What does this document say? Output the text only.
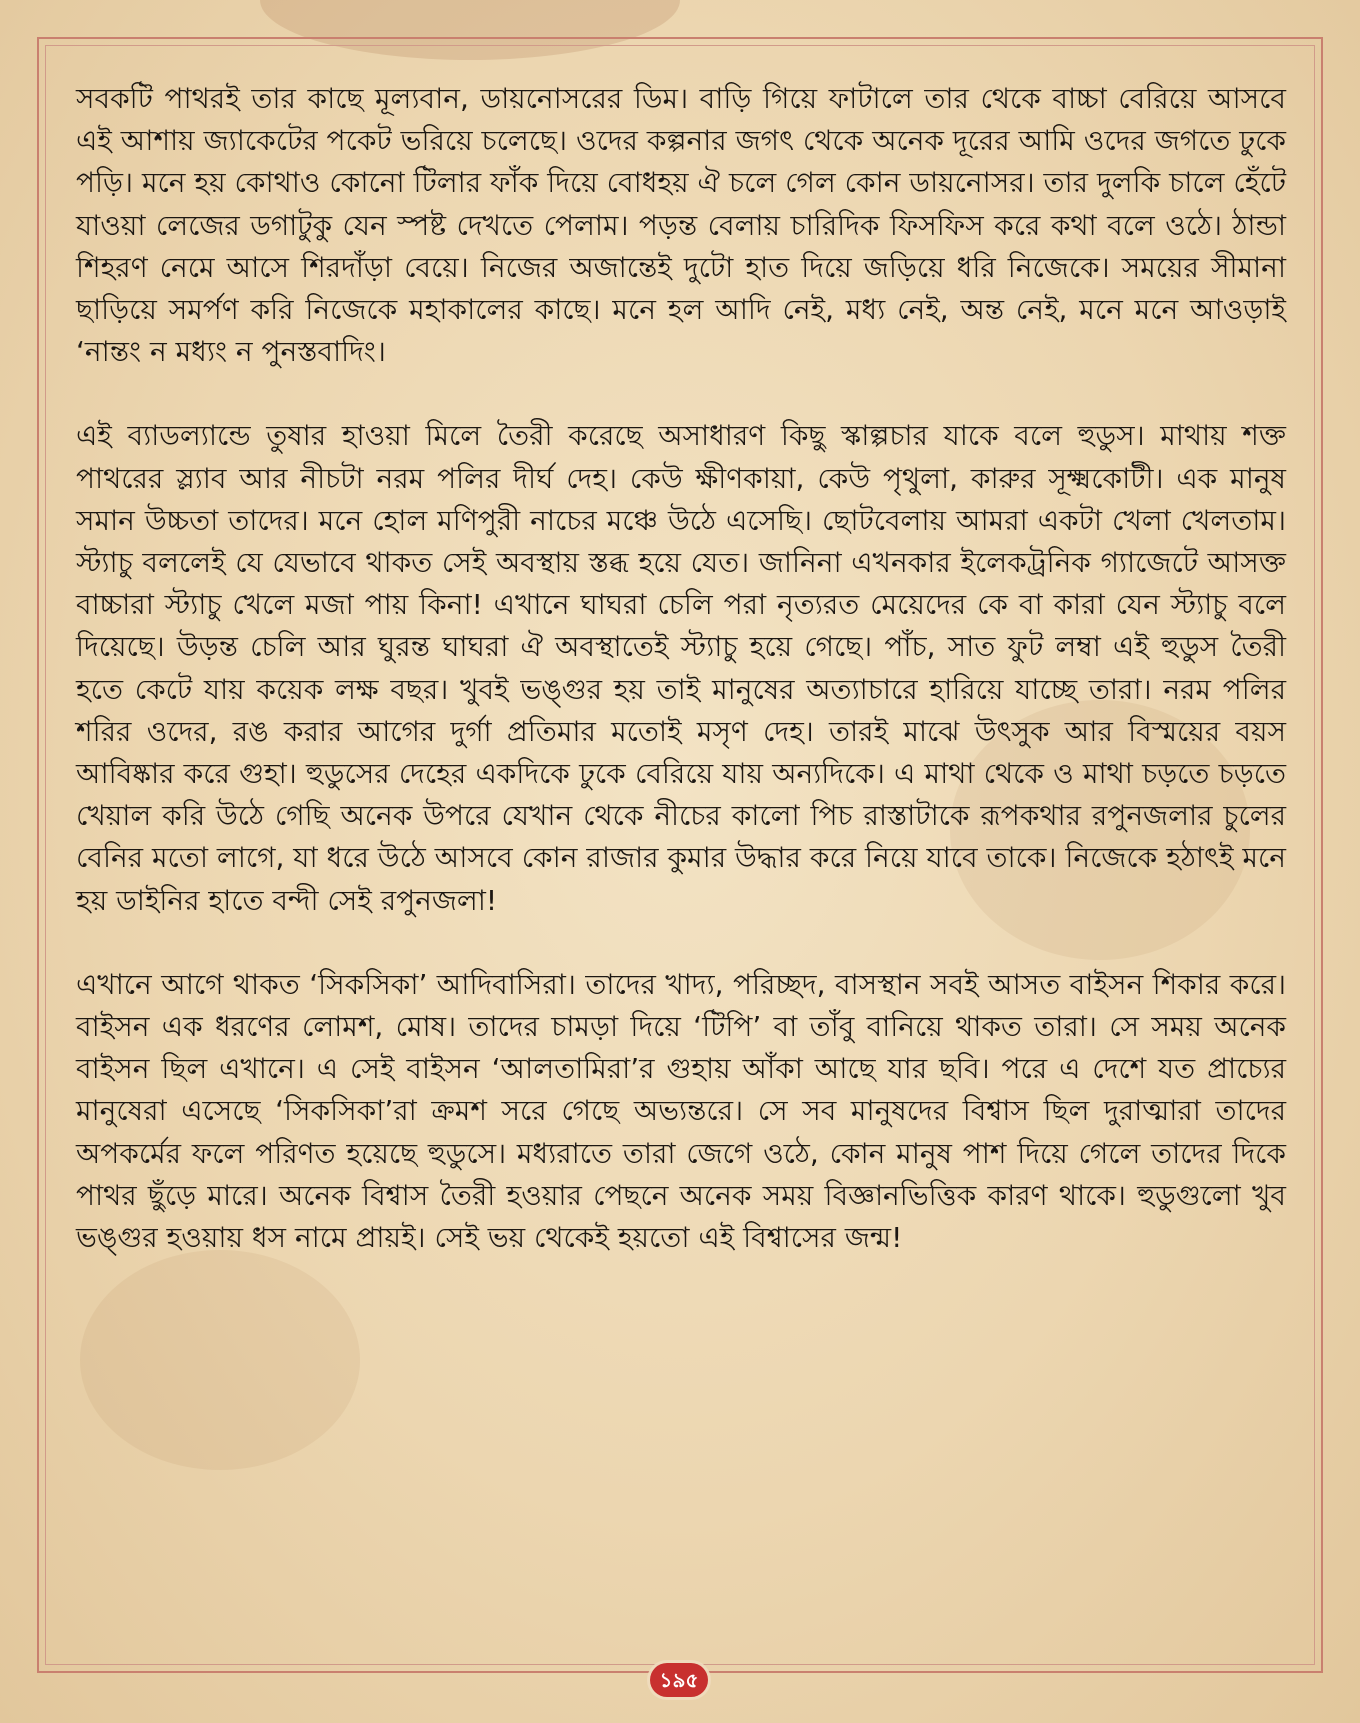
সবকটি পাথরই তার কাছে মূল্যবান, ডায়নোসরের ডিম। বাড়ি গিয়ে ফাটালে তার থেকে বাচ্চা বেরিয়ে আসবে এই আশায় জ্যাকেটের পকেট ভরিয়ে চলেছে। ওদের কল্পনার জগৎ থেকে অনেক দূরের আমি ওদের জগতে ঢুকে পড়ি। মনে হয় কোথাও কোনো টিলার ফাঁক দিয়ে বোধহয় ঐ চলে গেল কোন ডায়নোসর। তার দুলকি চালে হেঁটে যাওয়া লেজের ডগাটুকু যেন স্পষ্ট দেখতে পেলাম। পড়ন্ত বেলায় চারিদিক ফিসফিস করে কথা বলে ওঠে। ঠান্ডা শিহরণ নেমে আসে শিরদাঁড়া বেয়ে। নিজের অজান্তেই দুটো হাত দিয়ে জড়িয়ে ধরি নিজেকে। সময়ের সীমানা ছাড়িয়ে সমর্পণ করি নিজেকে মহাকালের কাছে। মনে হল আদি নেই, মধ্য নেই, অন্ত নেই, মনে মনে আওড়াই ‘নান্তং ন মধ্যং ন পুনস্তবাদিং।

এই ব্যাডল্যান্ডে তুষার হাওয়া মিলে তৈরী করেছে অসাধারণ কিছু স্কাল্পচার যাকে বলে হুডুস। মাথায় শক্ত পাথরের স্ল্যাব আর নীচটা নরম পলির দীর্ঘ দেহ। কেউ ক্ষীণকায়া, কেউ পৃথুলা, কারুর সূক্ষ্মকোটী। এক মানুষ সমান উচ্চতা তাদের। মনে হোল মণিপুরী নাচের মঞ্চে উঠে এসেছি। ছোটবেলায় আমরা একটা খেলা খেলতাম। স্ট্যাচু বললেই যে যেভাবে থাকত সেই অবস্থায় স্তব্ধ হয়ে যেত। জানিনা এখনকার ইলেকট্রনিক গ্যাজেটে আসক্ত বাচ্চারা স্ট্যাচু খেলে মজা পায় কিনা! এখানে ঘাঘরা চেলি পরা নৃত্যরত মেয়েদের কে বা কারা যেন স্ট্যাচু বলে দিয়েছে। উড়ন্ত চেলি আর ঘুরন্ত ঘাঘরা ঐ অবস্থাতেই স্ট্যাচু হয়ে গেছে। পাঁচ, সাত ফুট লম্বা এই হুডুস তৈরী হতে কেটে যায় কয়েক লক্ষ বছর। খুবই ভঙ্গুর হয় তাই মানুষের অত্যাচারে হারিয়ে যাচ্ছে তারা। নরম পলির শরির ওদের, রঙ করার আগের দুর্গা প্রতিমার মতোই মসৃণ দেহ। তারই মাঝে উৎসুক আর বিস্ময়ের বয়স আবিষ্কার করে গুহা। হুডুসের দেহের একদিকে ঢুকে বেরিয়ে যায় অন্যদিকে। এ মাথা থেকে ও মাথা চড়তে চড়তে খেয়াল করি উঠে গেছি অনেক উপরে যেখান থেকে নীচের কালো পিচ রাস্তাটাকে রূপকথার রপুনজলার চুলের বেনির মতো লাগে, যা ধরে উঠে আসবে কোন রাজার কুমার উদ্ধার করে নিয়ে যাবে তাকে। নিজেকে হঠাৎই মনে হয় ডাইনির হাতে বন্দী সেই রপুনজলা!

এখানে আগে থাকত ‘সিকসিকা’ আদিবাসিরা। তাদের খাদ্য, পরিচ্ছদ, বাসস্থান সবই আসত বাইসন শিকার করে।বাইসন এক ধরণের লোমশ, মোষ। তাদের চামড়া দিয়ে ‘টিপি’ বা তাঁবু বানিয়ে থাকত তারা। সে সময় অনেক বাইসন ছিল এখানে। এ সেই বাইসন ‘আলতামিরা’র গুহায় আঁকা আছে যার ছবি। পরে এ দেশে যত প্রাচ্যের মানুষেরা এসেছে ‘সিকসিকা’রা ক্রমশ সরে গেছে অভ্যন্তরে। সে সব মানুষদের বিশ্বাস ছিল দুরাত্মারা তাদের অপকর্মের ফলে পরিণত হয়েছে হুডুসে। মধ্যরাতে তারা জেগে ওঠে, কোন মানুষ পাশ দিয়ে গেলে তাদের দিকে পাথর ছুঁড়ে মারে। অনেক বিশ্বাস তৈরী হওয়ার পেছনে অনেক সময় বিজ্ঞানভিত্তিক কারণ থাকে। হুডুগুলো খুব ভঙ্গুর হওয়ায় ধস নামে প্রায়ই। সেই ভয় থেকেই হয়তো এই বিশ্বাসের জন্ম!

১৯৫
